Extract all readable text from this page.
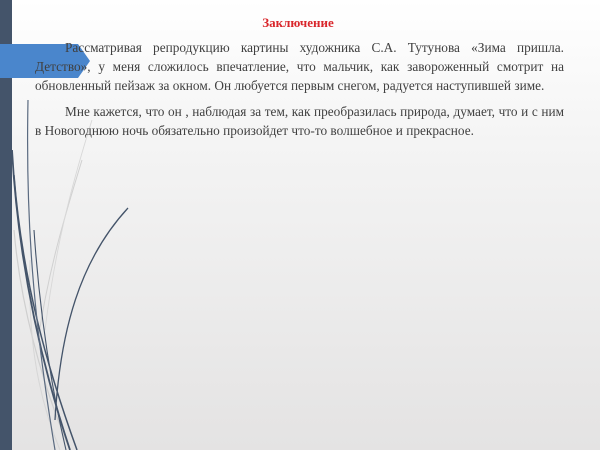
Заключение

Рассматривая репродукцию картины художника С.А. Тутунова «Зима пришла. Детство», у меня сложилось впечатление, что мальчик, как завороженный смотрит на обновленный пейзаж за окном. Он любуется первым снегом, радуется наступившей зиме.

Мне кажется, что он , наблюдая за тем, как преобразилась природа, думает, что и с ним в Новогоднюю ночь обязательно произойдет что-то волшебное и прекрасное.
